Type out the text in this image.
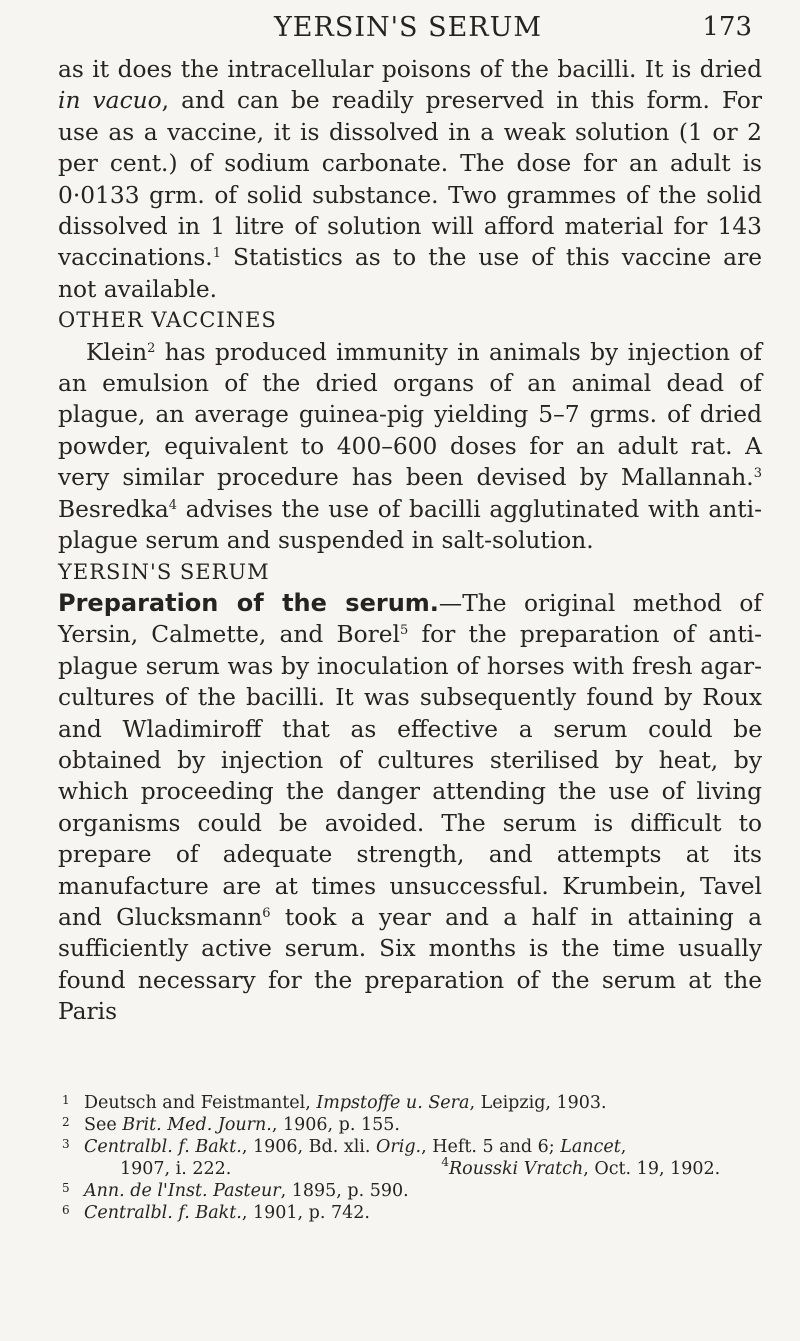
YERSIN'S SERUM	173

as it does the intracellular poisons of the bacilli. It is dried in vacuo, and can be readily preserved in this form. For use as a vaccine, it is dissolved in a weak solution (1 or 2 per cent.) of sodium carbonate. The dose for an adult is 0·0133 grm. of solid substance. Two grammes of the solid dissolved in 1 litre of solution will afford material for 143 vaccinations.$^1$ Statistics as to the use of this vaccine are not available.

OTHER VACCINES

Klein$^2$ has produced immunity in animals by injection of an emulsion of the dried organs of an animal dead of plague, an average guinea-pig yielding 5–7 grms. of dried powder, equivalent to 400–600 doses for an adult rat. A very similar procedure has been devised by Mallannah.$^3$ Besredka$^4$ advises the use of bacilli agglutinated with anti-plague serum and suspended in salt-solution.

YERSIN'S SERUM

Preparation of the serum.—The original method of Yersin, Calmette, and Borel$^5$ for the preparation of anti-plague serum was by inoculation of horses with fresh agar-cultures of the bacilli. It was subsequently found by Roux and Wladimiroff that as effective a serum could be obtained by injection of cultures sterilised by heat, by which proceeding the danger attending the use of living organisms could be avoided. The serum is difficult to prepare of adequate strength, and attempts at its manufacture are at times unsuccessful. Krumbein, Tavel and Glucksmann$^6$ took a year and a half in attaining a sufficiently active serum. Six months is the time usually found necessary for the preparation of the serum at the Paris

1 Deutsch and Feistmantel, Impstoffe u. Sera, Leipzig, 1903.

2 See Brit. Med. Journ., 1906, p. 155.

3 Centralbl. f. Bakt., 1906, Bd. xli. Orig., Heft. 5 and 6; Lancet,

1907, i. 222.	$^4$Rousski Vratch, Oct. 19, 1902.

5 Ann. de l'Inst. Pasteur, 1895, p. 590.

6 Centralbl. f. Bakt., 1901, p. 742.
